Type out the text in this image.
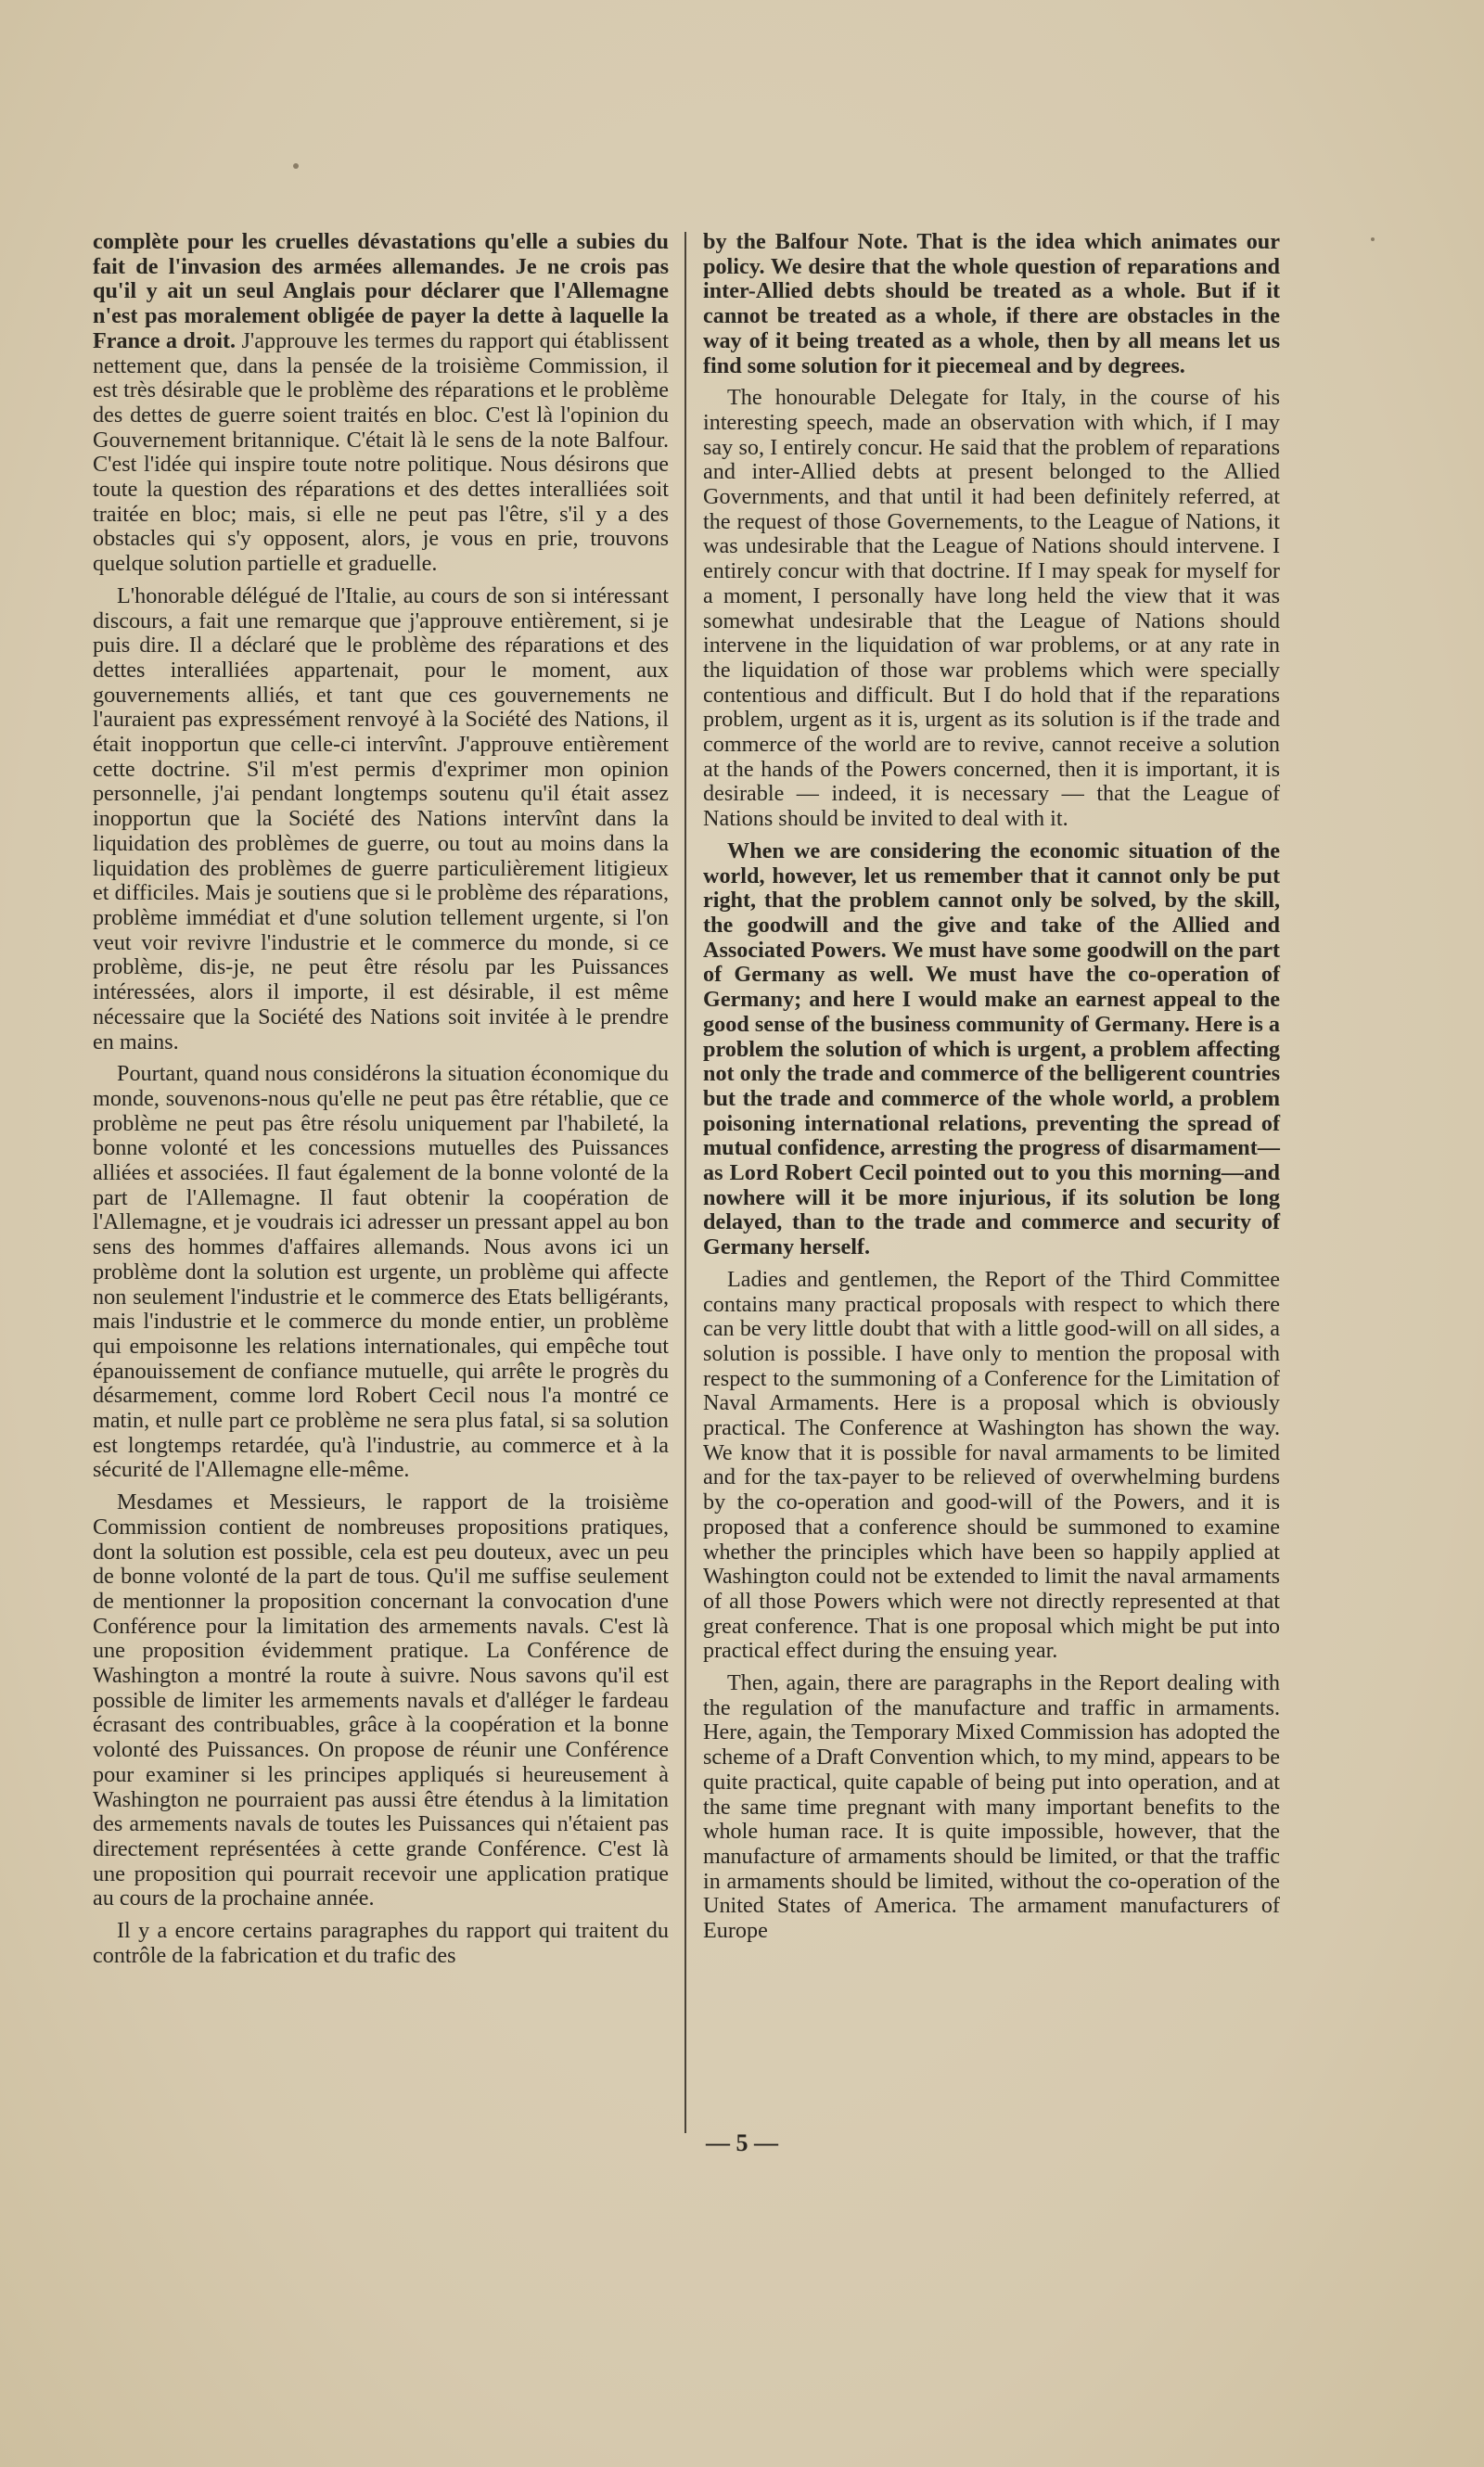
complète pour les cruelles dévastations qu'elle a subies du fait de l'invasion des armées allemandes. Je ne crois pas qu'il y ait un seul Anglais pour déclarer que l'Allemagne n'est pas moralement obligée de payer la dette à laquelle la France a droit. J'approuve les termes du rapport qui établissent nettement que, dans la pensée de la troisième Commission, il est très désirable que le problème des réparations et le problème des dettes de guerre soient traités en bloc. C'est là l'opinion du Gouvernement britannique. C'était là le sens de la note Balfour. C'est l'idée qui inspire toute notre politique. Nous désirons que toute la question des réparations et des dettes interalliées soit traitée en bloc; mais, si elle ne peut pas l'être, s'il y a des obstacles qui s'y opposent, alors, je vous en prie, trouvons quelque solution partielle et graduelle.

L'honorable délégué de l'Italie, au cours de son si intéressant discours, a fait une remarque que j'approuve entièrement, si je puis dire. Il a déclaré que le problème des réparations et des dettes interalliées appartenait, pour le moment, aux gouvernements alliés, et tant que ces gouvernements ne l'auraient pas expressément renvoyé à la Société des Nations, il était inopportun que celle-ci intervînt. J'approuve entièrement cette doctrine. S'il m'est permis d'exprimer mon opinion personnelle, j'ai pendant longtemps soutenu qu'il était assez inopportun que la Société des Nations intervînt dans la liquidation des problèmes de guerre, ou tout au moins dans la liquidation des problèmes de guerre particulièrement litigieux et difficiles. Mais je soutiens que si le problème des réparations, problème immédiat et d'une solution tellement urgente, si l'on veut voir revivre l'industrie et le commerce du monde, si ce problème, dis-je, ne peut être résolu par les Puissances intéressées, alors il importe, il est désirable, il est même nécessaire que la Société des Nations soit invitée à le prendre en mains.

Pourtant, quand nous considérons la situation économique du monde, souvenons-nous qu'elle ne peut pas être rétablie, que ce problème ne peut pas être résolu uniquement par l'habileté, la bonne volonté et les concessions mutuelles des Puissances alliées et associées. Il faut également de la bonne volonté de la part de l'Allemagne. Il faut obtenir la coopération de l'Allemagne, et je voudrais ici adresser un pressant appel au bon sens des hommes d'affaires allemands. Nous avons ici un problème dont la solution est urgente, un problème qui affecte non seulement l'industrie et le commerce des Etats belligérants, mais l'industrie et le commerce du monde entier, un problème qui empoisonne les relations internationales, qui empêche tout épanouissement de confiance mutuelle, qui arrête le progrès du désarmement, comme lord Robert Cecil nous l'a montré ce matin, et nulle part ce problème ne sera plus fatal, si sa solution est longtemps retardée, qu'à l'industrie, au commerce et à la sécurité de l'Allemagne elle-même.

Mesdames et Messieurs, le rapport de la troisième Commission contient de nombreuses propositions pratiques, dont la solution est possible, cela est peu douteux, avec un peu de bonne volonté de la part de tous. Qu'il me suffise seulement de mentionner la proposition concernant la convocation d'une Conférence pour la limitation des armements navals. C'est là une proposition évidemment pratique. La Conférence de Washington a montré la route à suivre. Nous savons qu'il est possible de limiter les armements navals et d'alléger le fardeau écrasant des contribuables, grâce à la coopération et la bonne volonté des Puissances. On propose de réunir une Conférence pour examiner si les principes appliqués si heureusement à Washington ne pourraient pas aussi être étendus à la limitation des armements navals de toutes les Puissances qui n'étaient pas directement représentées à cette grande Conférence. C'est là une proposition qui pourrait recevoir une application pratique au cours de la prochaine année.

Il y a encore certains paragraphes du rapport qui traitent du contrôle de la fabrication et du trafic des

by the Balfour Note. That is the idea which animates our policy. We desire that the whole question of reparations and inter-Allied debts should be treated as a whole. But if it cannot be treated as a whole, if there are obstacles in the way of it being treated as a whole, then by all means let us find some solution for it piecemeal and by degrees.

The honourable Delegate for Italy, in the course of his interesting speech, made an observation with which, if I may say so, I entirely concur. He said that the problem of reparations and inter-Allied debts at present belonged to the Allied Governments, and that until it had been definitely referred, at the request of those Governements, to the League of Nations, it was undesirable that the League of Nations should intervene. I entirely concur with that doctrine. If I may speak for myself for a moment, I personally have long held the view that it was somewhat undesirable that the League of Nations should intervene in the liquidation of war problems, or at any rate in the liquidation of those war problems which were specially contentious and difficult. But I do hold that if the reparations problem, urgent as it is, urgent as its solution is if the trade and commerce of the world are to revive, cannot receive a solution at the hands of the Powers concerned, then it is important, it is desirable — indeed, it is necessary — that the League of Nations should be invited to deal with it.

When we are considering the economic situation of the world, however, let us remember that it cannot only be put right, that the problem cannot only be solved, by the skill, the goodwill and the give and take of the Allied and Associated Powers. We must have some goodwill on the part of Germany as well. We must have the co-operation of Germany; and here I would make an earnest appeal to the good sense of the business community of Germany. Here is a problem the solution of which is urgent, a problem affecting not only the trade and commerce of the belligerent countries but the trade and commerce of the whole world, a problem poisoning international relations, preventing the spread of mutual confidence, arresting the progress of disarmament—as Lord Robert Cecil pointed out to you this morning—and nowhere will it be more injurious, if its solution be long delayed, than to the trade and commerce and security of Germany herself.

Ladies and gentlemen, the Report of the Third Committee contains many practical proposals with respect to which there can be very little doubt that with a little good-will on all sides, a solution is possible. I have only to mention the proposal with respect to the summoning of a Conference for the Limitation of Naval Armaments. Here is a proposal which is obviously practical. The Conference at Washington has shown the way. We know that it is possible for naval armaments to be limited and for the tax-payer to be relieved of overwhelming burdens by the co-operation and good-will of the Powers, and it is proposed that a conference should be summoned to examine whether the principles which have been so happily applied at Washington could not be extended to limit the naval armaments of all those Powers which were not directly represented at that great conference. That is one proposal which might be put into practical effect during the ensuing year.

Then, again, there are paragraphs in the Report dealing with the regulation of the manufacture and traffic in armaments. Here, again, the Temporary Mixed Commission has adopted the scheme of a Draft Convention which, to my mind, appears to be quite practical, quite capable of being put into operation, and at the same time pregnant with many important benefits to the whole human race. It is quite impossible, however, that the manufacture of armaments should be limited, or that the traffic in armaments should be limited, without the co-operation of the United States of America. The armament manufacturers of Europe

— 5 —
